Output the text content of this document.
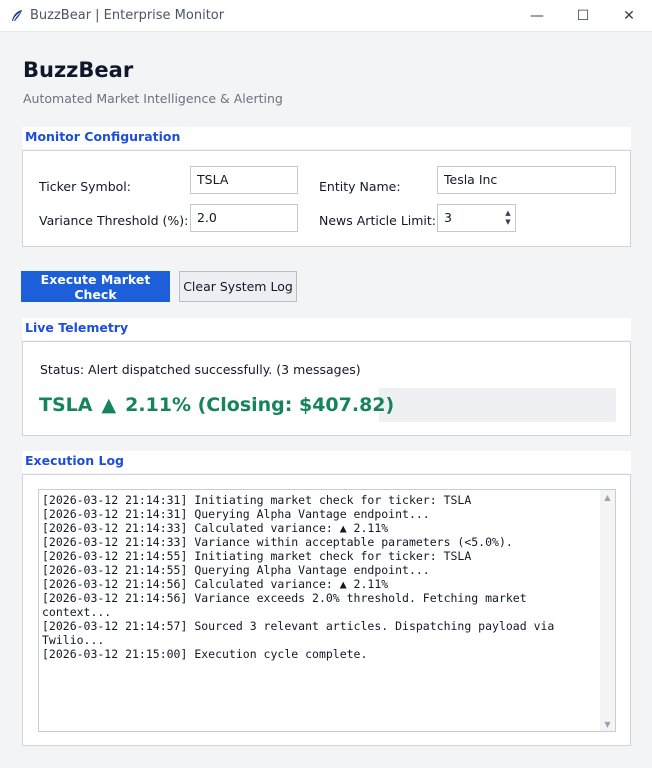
BuzzBear | Enterprise Monitor	—	☐	✕
BuzzBear
Automated Market Intelligence & Alerting
Monitor Configuration
Ticker Symbol:	TSLA	Entity Name:	Tesla Inc
Variance Threshold (%): 2.0	News Article Limit: 3	▲
▼
Execute Market Check	Clear System Log
Live Telemetry
Status: Alert dispatched successfully. (3 messages)
TSLA ▲ 2.11% (Closing: $407.82)
Execution Log
[2026-03-12 21:14:31] Initiating market check for ticker: TSLA
[2026-03-12 21:14:31] Querying Alpha Vantage endpoint...
[2026-03-12 21:14:33] Calculated variance: ▲ 2.11%
[2026-03-12 21:14:33] Variance within acceptable parameters (<5.0%).
[2026-03-12 21:14:55] Initiating market check for ticker: TSLA
[2026-03-12 21:14:55] Querying Alpha Vantage endpoint...
[2026-03-12 21:14:56] Calculated variance: ▲ 2.11%
[2026-03-12 21:14:56] Variance exceeds 2.0% threshold. Fetching market
context...
[2026-03-12 21:14:57] Sourced 3 relevant articles. Dispatching payload via
Twilio...
[2026-03-12 21:15:00] Execution cycle complete.
▲
▼
